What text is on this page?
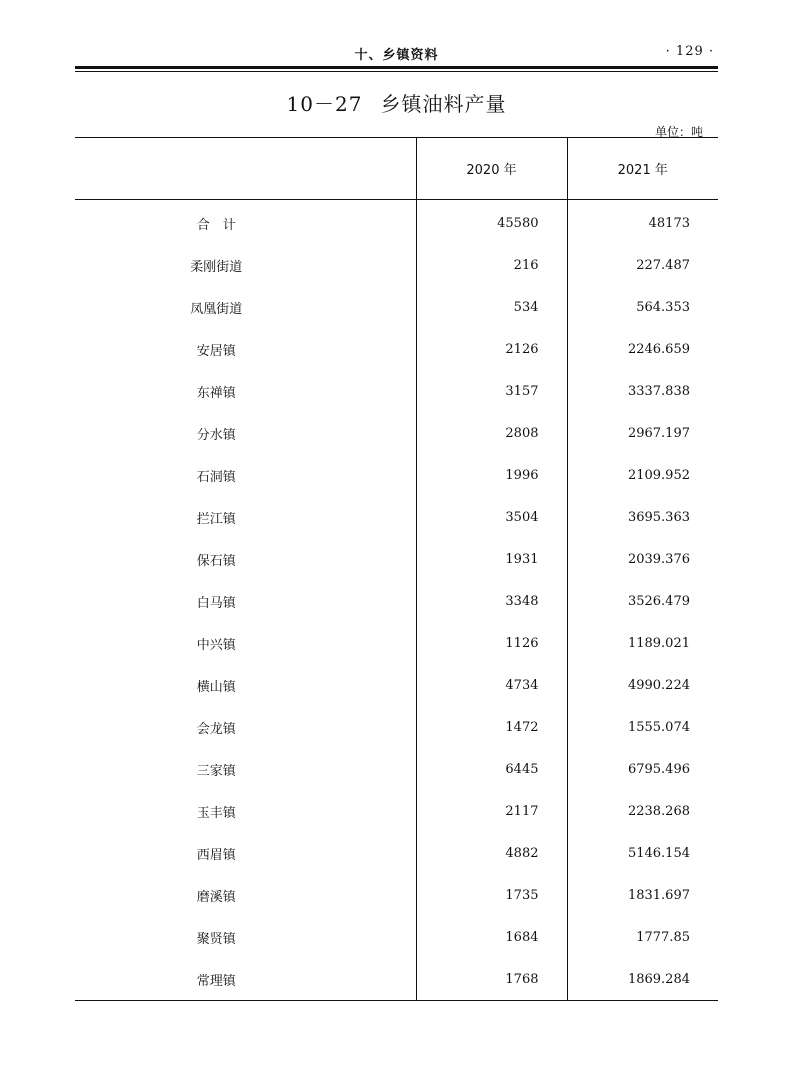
十、乡镇资料	· 129 ·
10－27 乡镇油料产量
单位：吨
	2020 年	2021 年
合　计	45580	48173
柔刚街道	216	227.487
凤凰街道	534	564.353
安居镇	2126	2246.659
东禅镇	3157	3337.838
分水镇	2808	2967.197
石洞镇	1996	2109.952
拦江镇	3504	3695.363
保石镇	1931	2039.376
白马镇	3348	3526.479
中兴镇	1126	1189.021
横山镇	4734	4990.224
会龙镇	1472	1555.074
三家镇	6445	6795.496
玉丰镇	2117	2238.268
西眉镇	4882	5146.154
磨溪镇	1735	1831.697
聚贤镇	1684	1777.85
常理镇	1768	1869.284
